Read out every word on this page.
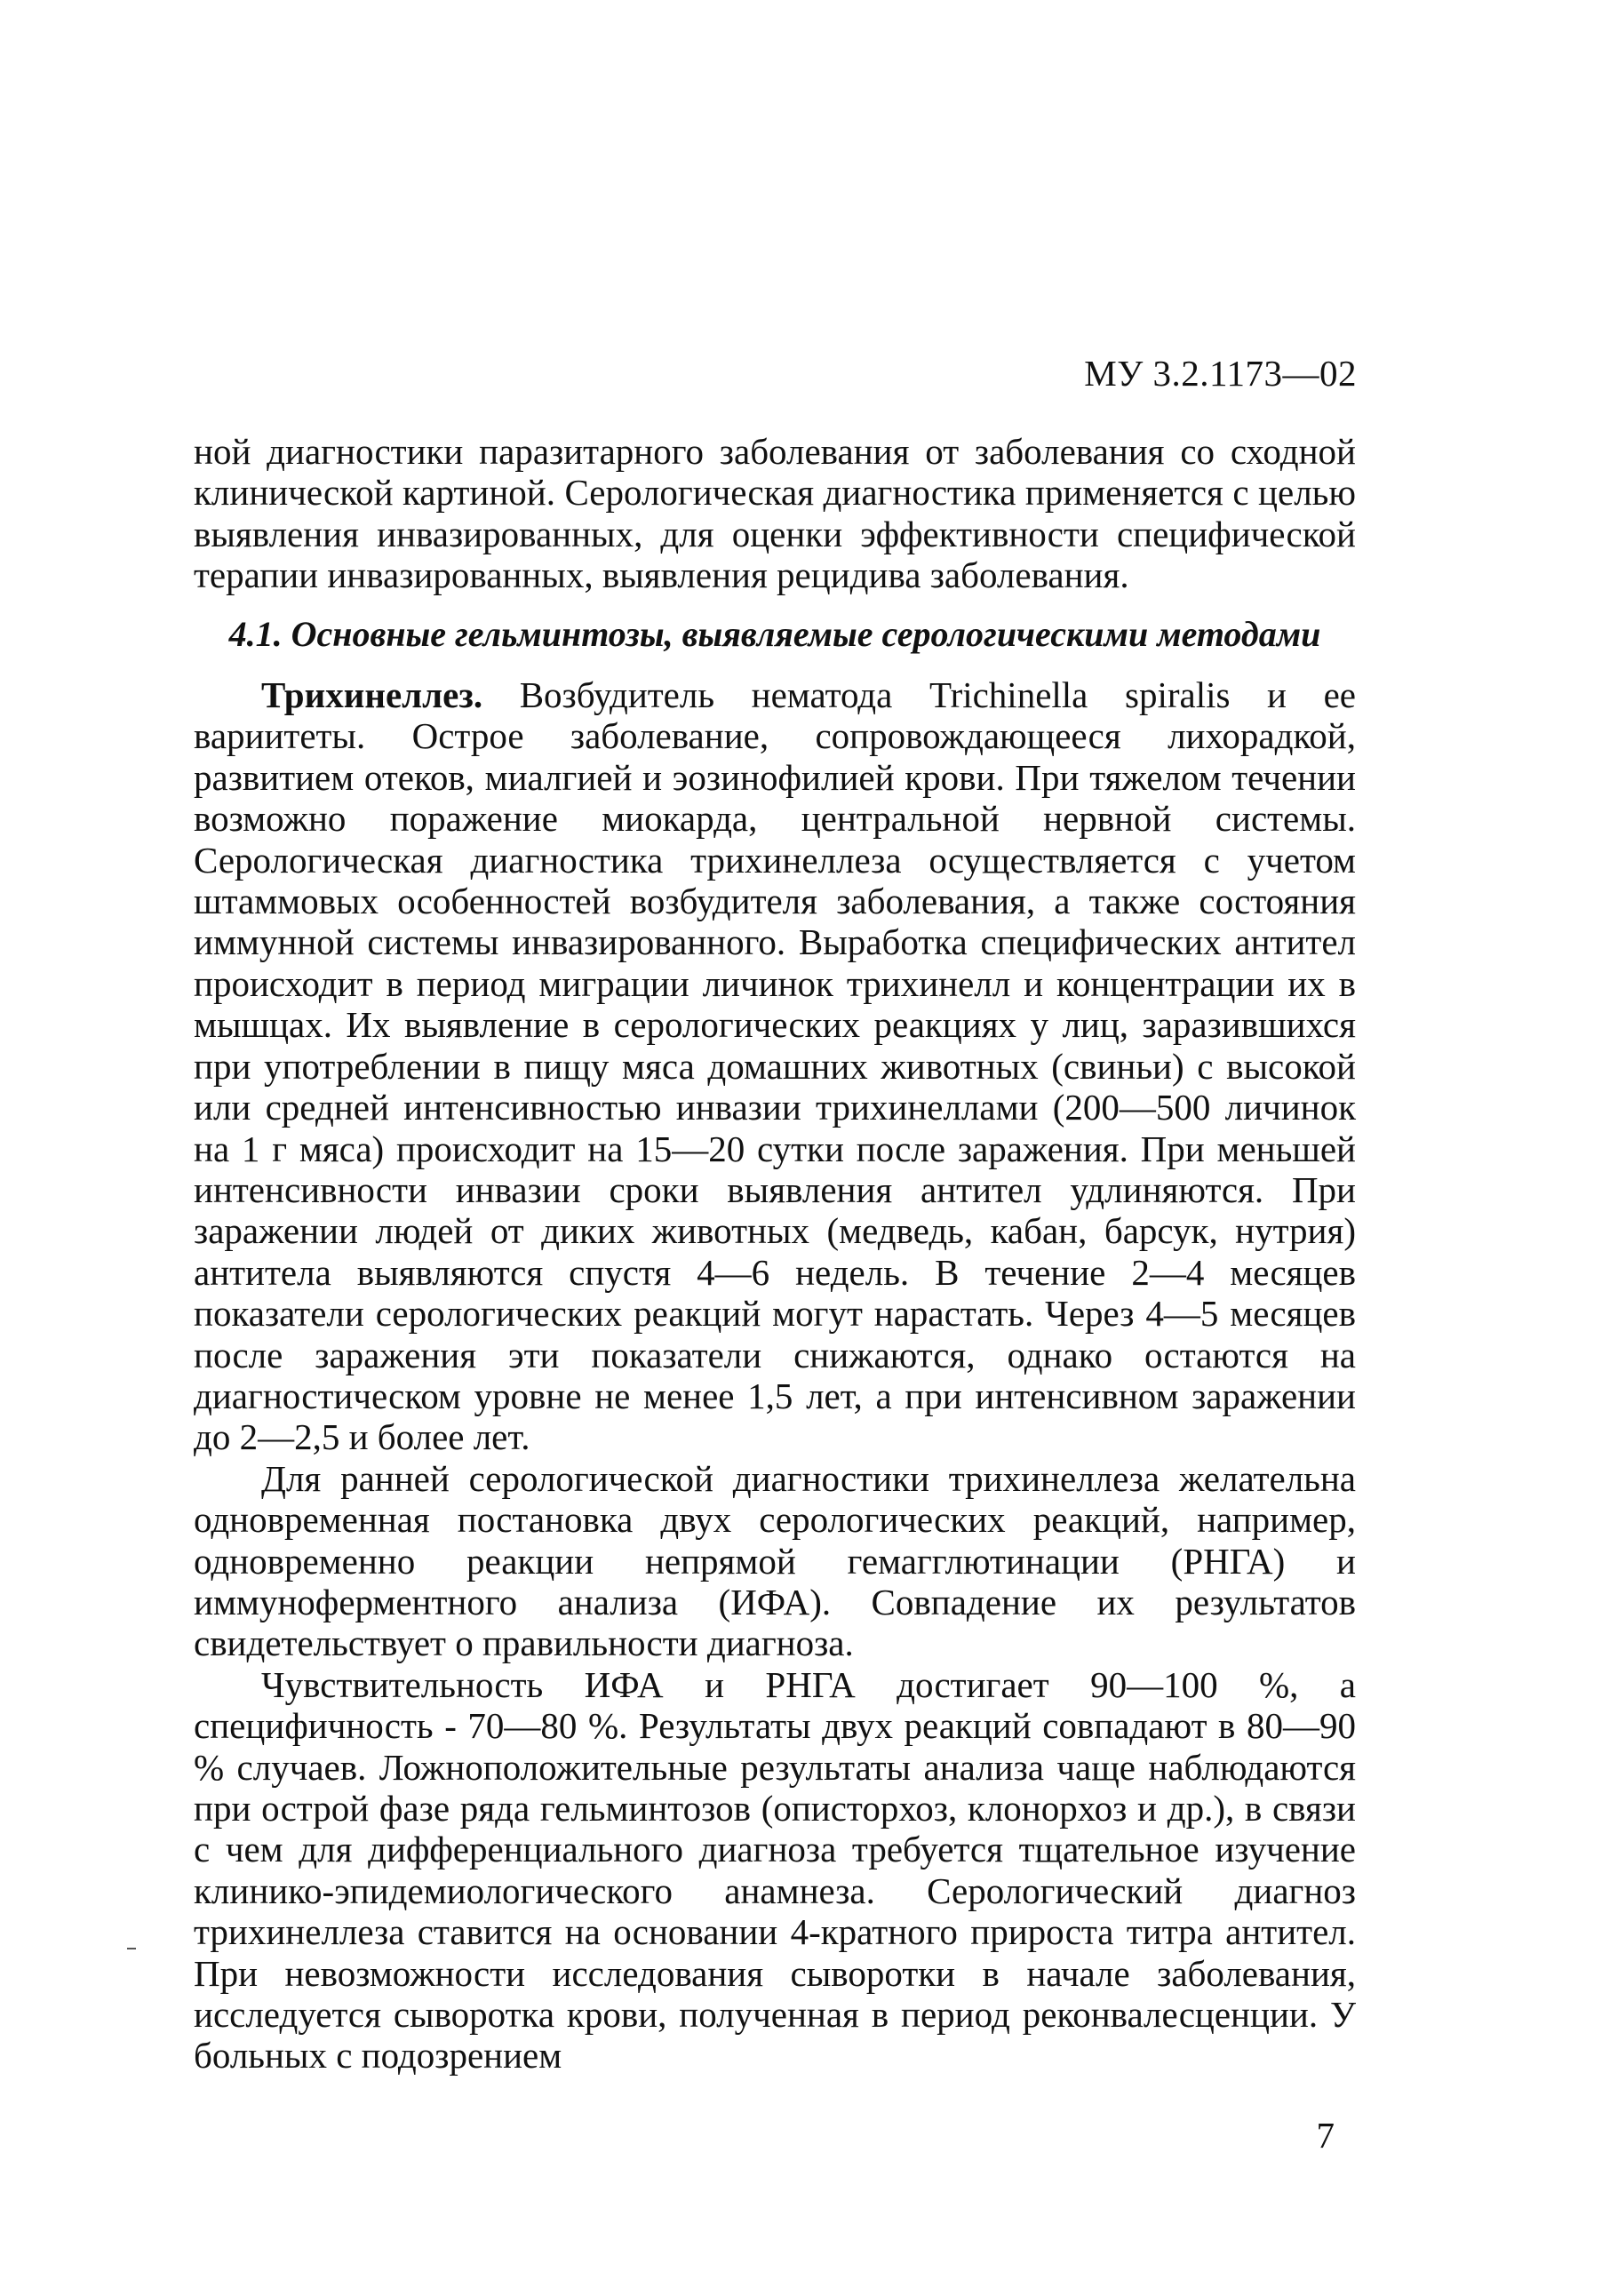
МУ 3.2.1173—02

ной диагностики паразитарного заболевания от заболевания со сходной клинической картиной. Серологическая диагностика применяется с целью выявления инвазированных, для оценки эффективности специфической терапии инвазированных, выявления рецидива заболевания.

4.1. Основные гельминтозы, выявляемые серологическими методами

Трихинеллез. Возбудитель нематода Trichinella spiralis и ее вариитеты. Острое заболевание, сопровождающееся лихорадкой, развитием отеков, миалгией и эозинофилией крови. При тяжелом течении возможно поражение миокарда, центральной нервной системы. Серологическая диагностика трихинеллеза осуществляется с учетом штаммовых особенностей возбудителя заболевания, а также состояния иммунной системы инвазированного. Выработка специфических антител происходит в период миграции личинок трихинелл и концентрации их в мышцах. Их выявление в серологических реакциях у лиц, заразившихся при употреблении в пищу мяса домашних животных (свиньи) с высокой или средней интенсивностью инвазии трихинеллами (200—500 личинок на 1 г мяса) происходит на 15—20 сутки после заражения. При меньшей интенсивности инвазии сроки выявления антител удлиняются. При заражении людей от диких животных (медведь, кабан, барсук, нутрия) антитела выявляются спустя 4—6 недель. В течение 2—4 месяцев показатели серологических реакций могут нарастать. Через 4—5 месяцев после заражения эти показатели снижаются, однако остаются на диагностическом уровне не менее 1,5 лет, а при интенсивном заражении до 2—2,5 и более лет.

Для ранней серологической диагностики трихинеллеза желательна одновременная постановка двух серологических реакций, например, одновременно реакции непрямой гемагглютинации (РНГА) и иммуноферментного анализа (ИФА). Совпадение их результатов свидетельствует о правильности диагноза.

Чувствительность ИФА и РНГА достигает 90—100 %, а специфичность - 70—80 %. Результаты двух реакций совпадают в 80—90 % случаев. Ложноположительные результаты анализа чаще наблюдаются при острой фазе ряда гельминтозов (описторхоз, клонорхоз и др.), в связи с чем для дифференциального диагноза требуется тщательное изучение клинико-эпидемиологического анамнеза. Серологический диагноз трихинеллеза ставится на основании 4-кратного прироста титра антител. При невозможности исследования сыворотки в начале заболевания, исследуется сыворотка крови, полученная в период реконвалесценции. У больных с подозрением

7
